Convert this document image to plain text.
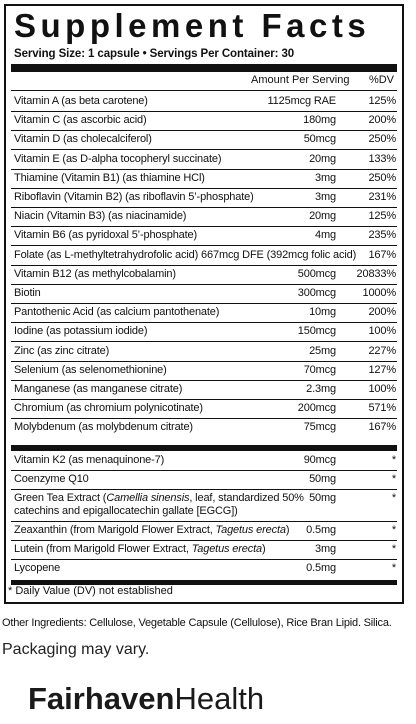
Supplement Facts
Serving Size: 1 capsule • Servings Per Container: 30
Amount Per Serving %DV
Vitamin A (as beta carotene)	1125mcg RAE	125%
Vitamin C (as ascorbic acid)	180mg	200%
Vitamin D (as cholecalciferol)	50mcg	250%
Vitamin E (as D-alpha tocopheryl succinate)	20mg	133%
Thiamine (Vitamin B1) (as thiamine HCl)	3mg	250%
Riboflavin (Vitamin B2) (as riboflavin 5’-phosphate)	3mg	231%
Niacin (Vitamin B3) (as niacinamide)	20mg	125%
Vitamin B6 (as pyridoxal 5’-phosphate)	4mg	235%
Folate (as L-methyltetrahydrofolic acid) 667mcg DFE (392mcg folic acid) 167%
Vitamin B12 (as methylcobalamin)	500mcg 20833%
Biotin	300mcg 1000%
Pantothenic Acid (as calcium pantothenate)	10mg	200%
Iodine (as potassium iodide)	150mcg	100%
Zinc (as zinc citrate)	25mg	227%
Selenium (as selenomethionine)	70mcg	127%
Manganese (as manganese citrate)	2.3mg	100%
Chromium (as chromium polynicotinate)	200mcg	571%
Molybdenum (as molybdenum citrate)	75mcg	167%
Vitamin K2 (as menaquinone-7)	90mcg	*
Coenzyme Q10	50mg	*
Green Tea Extract (Camellia sinensis, leaf, standardized 50% catechins and epigallocatechin gallate [EGCG])
50mg	*
Zeaxanthin (from Marigold Flower Extract, Tagetus erecta) 0.5mg	*
Lutein (from Marigold Flower Extract, Tagetus erecta)	3mg	*
Lycopene	0.5mg	*
* Daily Value (DV) not established
Other Ingredients: Cellulose, Vegetable Capsule (Cellulose), Rice Bran Lipid. Silica.
Packaging may vary.
FairhavenHealth
